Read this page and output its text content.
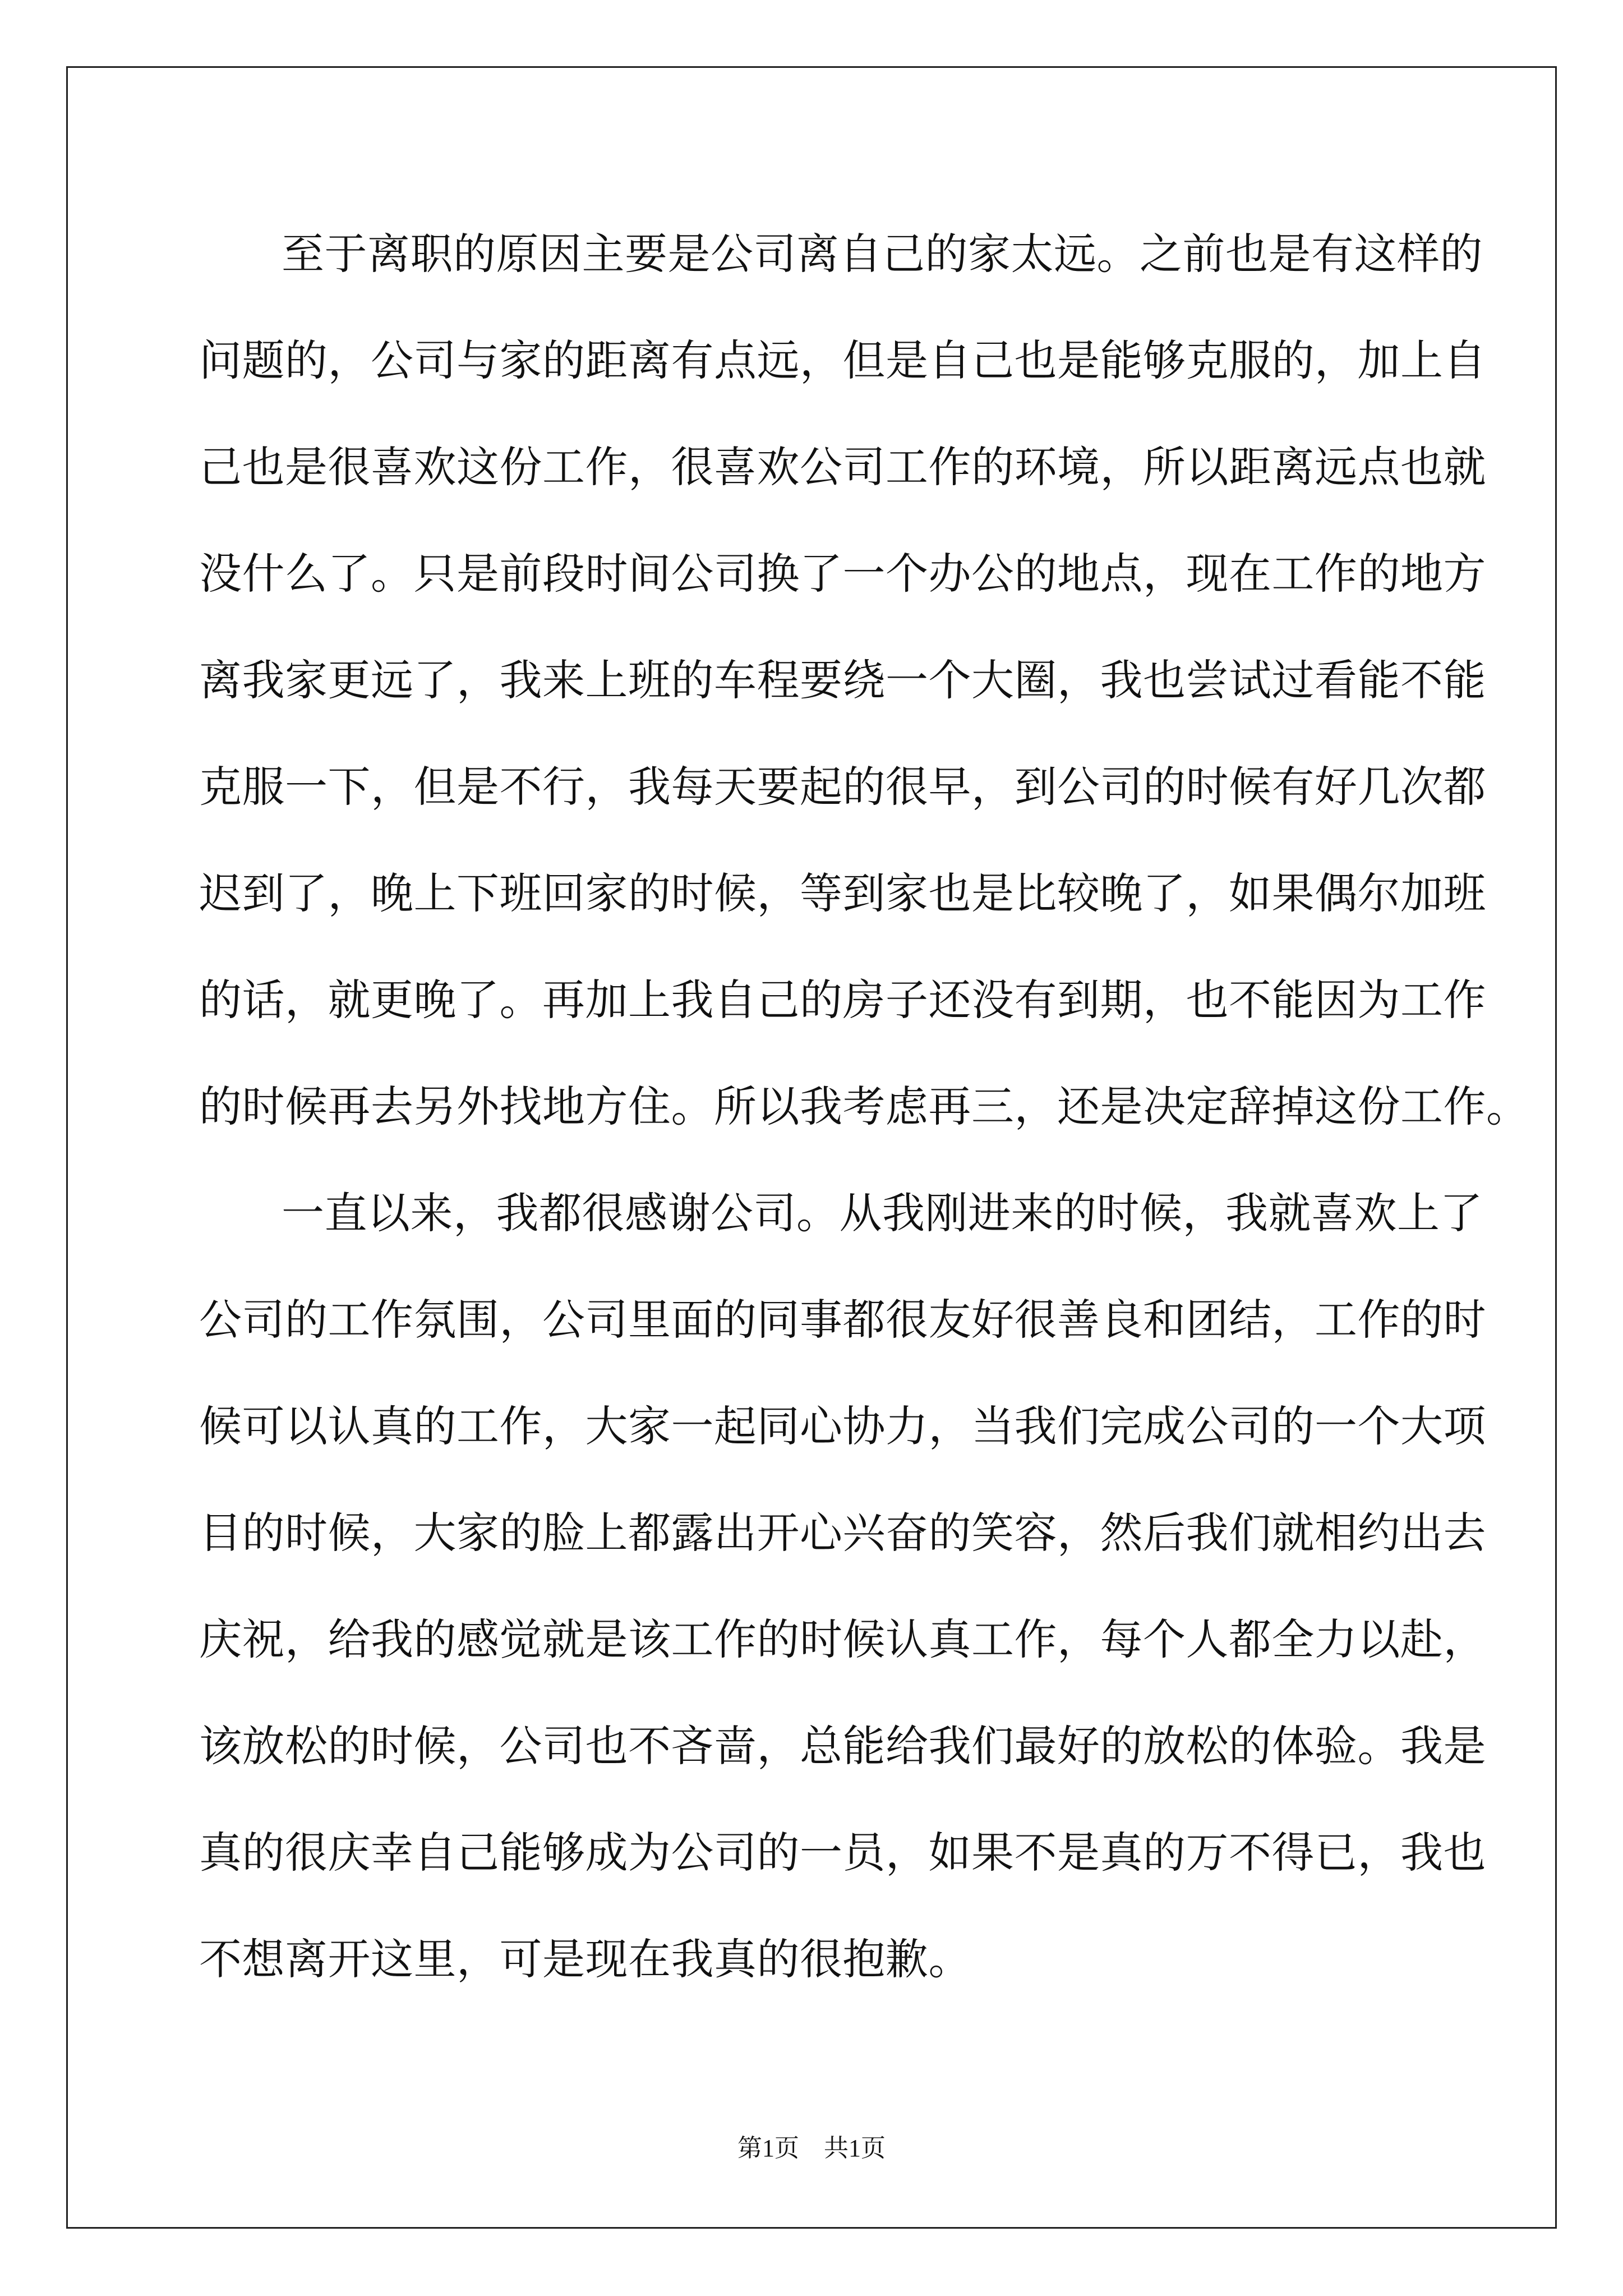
至于离职的原因主要是公司离自己的家太远。之前也是有这样的
问题的，公司与家的距离有点远，但是自己也是能够克服的，加上自
己也是很喜欢这份工作，很喜欢公司工作的环境，所以距离远点也就
没什么了。只是前段时间公司换了一个办公的地点，现在工作的地方
离我家更远了，我来上班的车程要绕一个大圈，我也尝试过看能不能
克服一下，但是不行，我每天要起的很早，到公司的时候有好几次都
迟到了，晚上下班回家的时候，等到家也是比较晚了，如果偶尔加班
的话，就更晚了。再加上我自己的房子还没有到期，也不能因为工作
的时候再去另外找地方住。所以我考虑再三，还是决定辞掉这份工作。
一直以来，我都很感谢公司。从我刚进来的时候，我就喜欢上了
公司的工作氛围，公司里面的同事都很友好很善良和团结，工作的时
候可以认真的工作，大家一起同心协力，当我们完成公司的一个大项
目的时候，大家的脸上都露出开心兴奋的笑容，然后我们就相约出去
庆祝，给我的感觉就是该工作的时候认真工作，每个人都全力以赴，
该放松的时候，公司也不吝啬，总能给我们最好的放松的体验。我是
真的很庆幸自己能够成为公司的一员，如果不是真的万不得已，我也
不想离开这里，可是现在我真的很抱歉。
第1页 共1页
